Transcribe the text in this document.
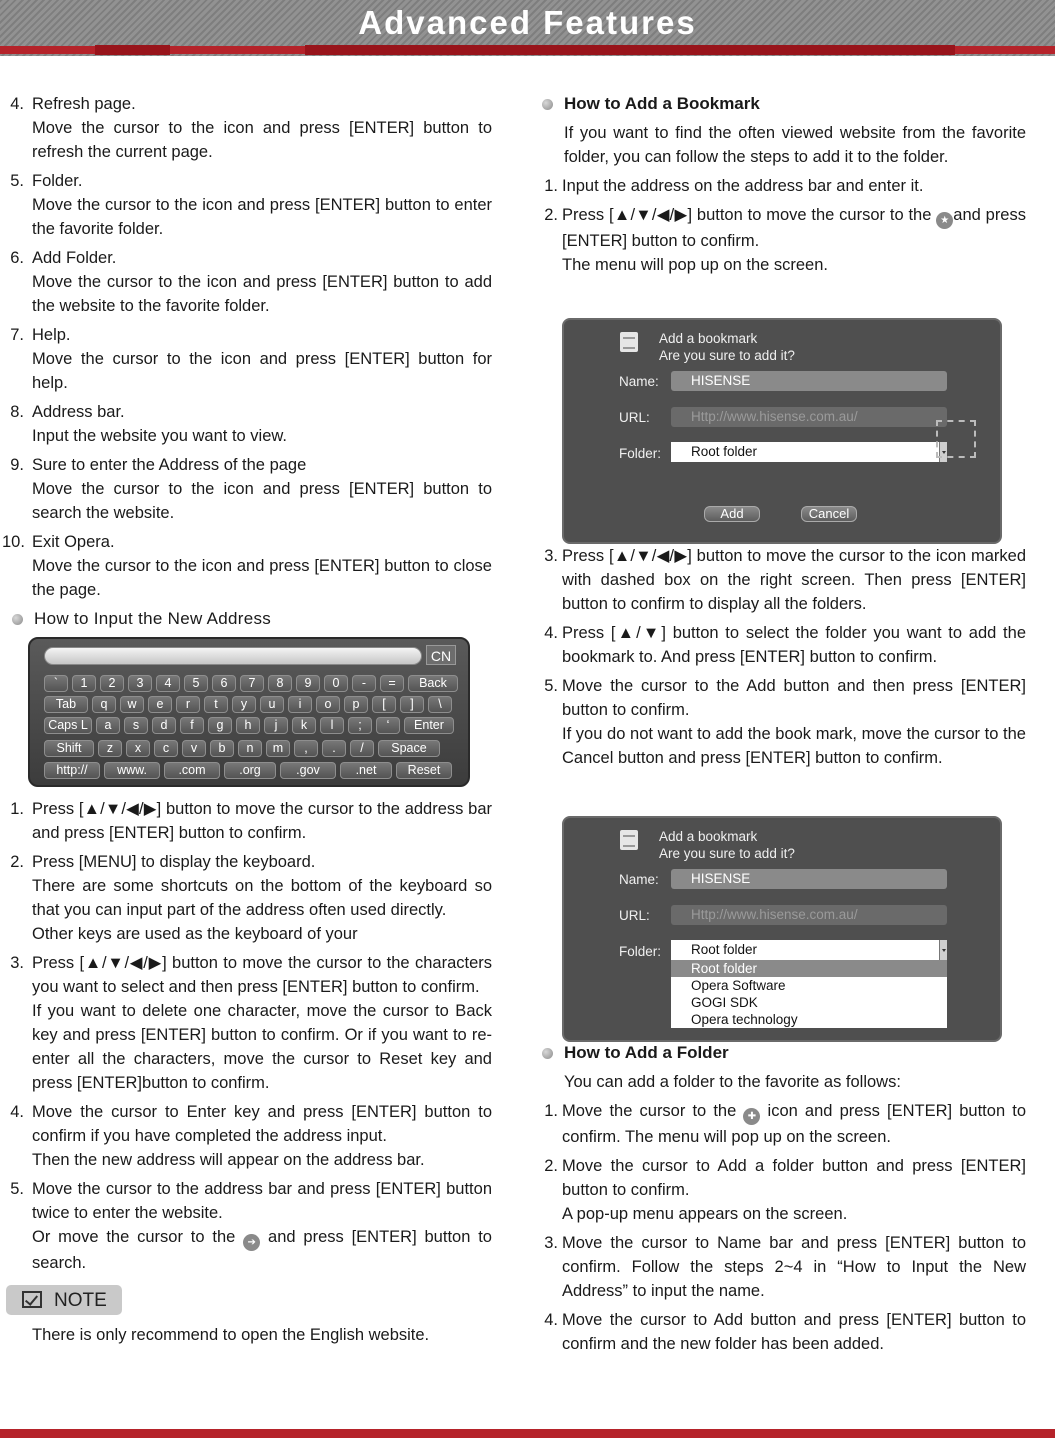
Advanced Features
4. Refresh page.
Move the cursor to the icon and press [ENTER] button to refresh the current page.
5. Folder.
Move the cursor to the icon and press [ENTER] button to enter the favorite folder.
6. Add Folder.
Move the cursor to the icon and press [ENTER] button to add the website to the favorite folder.
7. Help.
Move the cursor to the icon and press [ENTER] button for help.
8. Address bar.
Input the website you want to view.
9. Sure to enter the Address of the page
Move the cursor to the icon and press [ENTER] button to search the website.
10. Exit Opera.
Move the cursor to the icon and press [ENTER] button to close the page.
How to Input the New Address
CN
`	1	2	3	4	5	6	7	8	9	0	-	=	Back
Tab	q	w	e	r	t	y	u	i	o	p	[	]	\
Caps L	a	s	d	f	g	h	j	k	l	;	‘	Enter
Shift	z	x	c	v	b	n	m	,	.	/	Space
http://	www.	.com	.org	.gov	.net	Reset
1. Press [▲/▼/◀/▶] button to move the cursor to the address bar and press [ENTER] button to confirm.
2. Press [MENU] to display the keyboard.
There are some shortcuts on the bottom of the keyboard so that you can input part of the address often used directly.
Other keys are used as the keyboard of your
3. Press [▲/▼/◀/▶] button to move the cursor to the characters you want to select and then press [ENTER] button to confirm.
If you want to delete one character, move the cursor to Back key and press [ENTER] button to confirm. Or if you want to re-enter all the characters, move the cursor to Reset key and press [ENTER]button to confirm.
4. Move the cursor to Enter key and press [ENTER] button to confirm if you have completed the address input.
Then the new address will appear on the address bar.
5. Move the cursor to the address bar and press [ENTER] button twice to enter the website.
Or move the cursor to the ➔ and press [ENTER] button to search.
NOTE
There is only recommend to open the English website.
How to Add a Bookmark
If you want to find the often viewed website from the favorite folder, you can follow the steps to add it to the folder.
1. Input the address on the address bar and enter it.
2. Press [▲/▼/◀/▶] button to move the cursor to the ★ and press [ENTER] button to confirm.
The menu will pop up on the screen.
3. Press [▲/▼/◀/▶] button to move the cursor to the icon marked with dashed box on the right screen. Then press [ENTER] button to confirm to display all the folders.
4. Press [▲/▼] button to select the folder you want to add the bookmark to. And press [ENTER] button to confirm.
5. Move the cursor to the Add button and then press [ENTER] button to confirm.
If you do not want to add the book mark, move the cursor to the Cancel button and press [ENTER] button to confirm.
How to Add a Folder
You can add a folder to the favorite as follows:
1. Move the cursor to the ✚ icon and press [ENTER] button to confirm. The menu will pop up on the screen.
2. Move the cursor to Add a folder button and press [ENTER] button to confirm.
A pop-up menu appears on the screen.
3. Move the cursor to Name bar and press [ENTER] button to confirm. Follow the steps 2~4 in “How to Input the New Address” to input the name.
4. Move the cursor to Add button and press [ENTER] button to confirm and the new folder has been added.
Add a bookmark
Are you sure to add it?
Name:	HISENSE
URL:	Http://www.hisense.com.au/
Folder:	Root folder
Add	Cancel
Add a bookmark
Are you sure to add it?
Name:	HISENSE
URL:	Http://www.hisense.com.au/
Folder:	Root folder
Root folder
Opera Software
GOGI SDK
Opera technology
